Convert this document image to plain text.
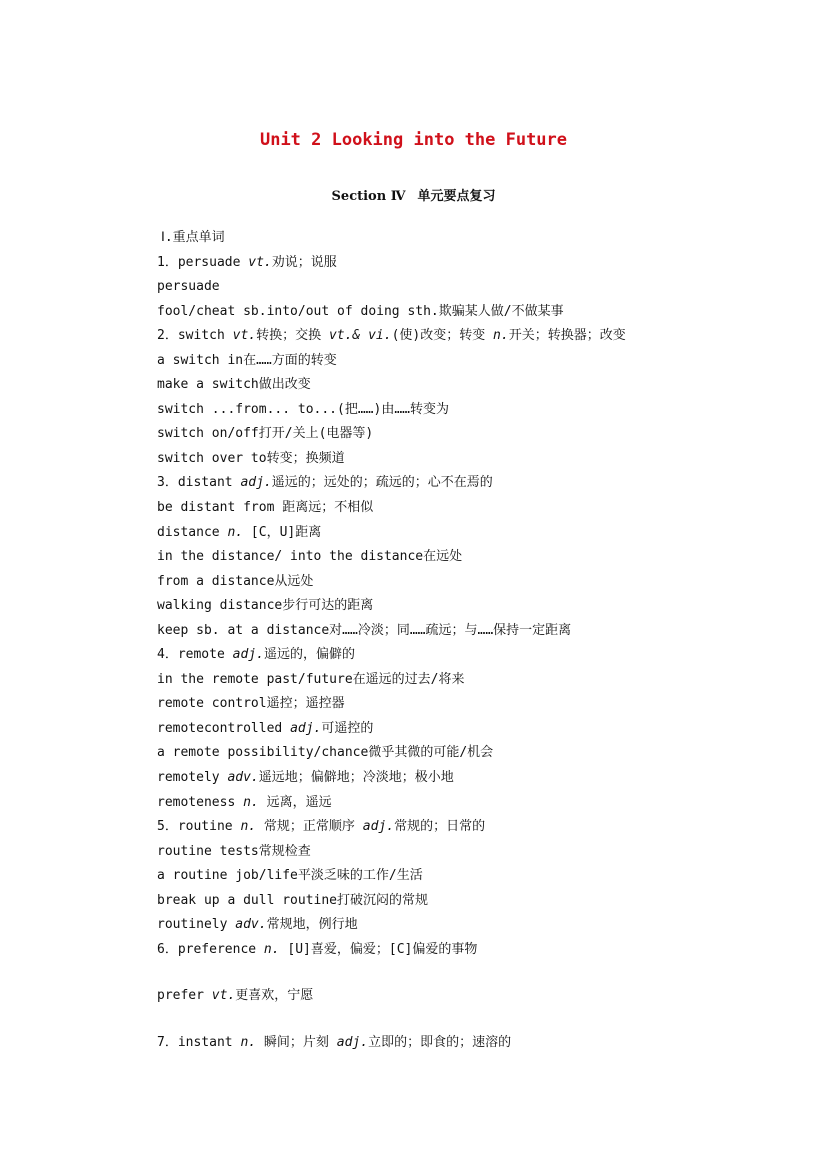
Unit 2 Looking into the Future
Section Ⅳ 单元要点复习
Ⅰ.重点单词
1．persuade vt.劝说；说服
persuade
fool/cheat sb.into/out of doing sth.欺骗某人做/不做某事
2．switch vt.转换；交换 vt.& vi.(使)改变；转变 n.开关；转换器；改变
a switch in在……方面的转变
make a switch做出改变
switch ...from... to...(把……)由……转变为
switch on/off打开/关上(电器等)
switch over to转变；换频道
3．distant adj.遥远的；远处的；疏远的；心不在焉的
be distant from 距离远；不相似
distance n. [C，U]距离
in the distance/ into the distance在远处
from a distance从远处
walking distance步行可达的距离
keep sb. at a distance对……冷淡；同……疏远；与……保持一定距离
4．remote adj.遥远的，偏僻的
in the remote past/future在遥远的过去/将来
remote control遥控；遥控器
remotecontrolled adj.可遥控的
a remote possibility/chance微乎其微的可能/机会
remotely adv.遥远地；偏僻地；冷淡地；极小地
remoteness n. 远离，遥远
5．routine n. 常规；正常顺序 adj.常规的；日常的
routine tests常规检查
a routine job/life平淡乏味的工作/生活
break up a dull routine打破沉闷的常规
routinely adv.常规地，例行地
6．preference n. [U]喜爱，偏爱；[C]偏爱的事物
prefer vt.更喜欢，宁愿
7．instant n. 瞬间；片刻 adj.立即的；即食的；速溶的
